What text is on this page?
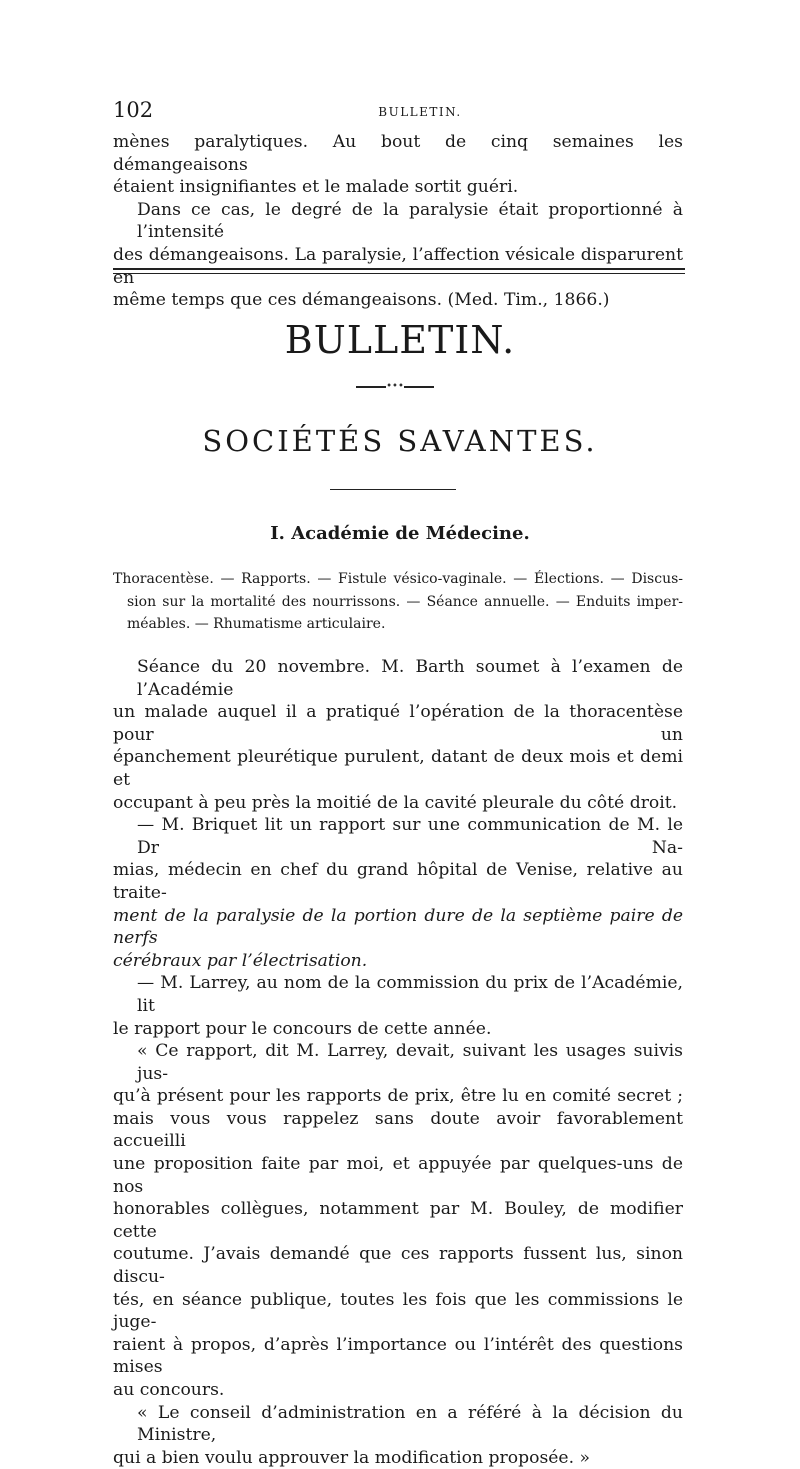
102	BULLETIN.
mènes paralytiques. Au bout de cinq semaines les démangeaisons
étaient insignifiantes et le malade sortit guéri.
Dans ce cas, le degré de la paralysie était proportionné à l’intensité
des démangeaisons. La paralysie, l’affection vésicale disparurent en
même temps que ces démangeaisons. (Med. Tim., 1866.)
BULLETIN.
•••
SOCIÉTÉS SAVANTES.
I. Académie de Médecine.
Thoracentèse. — Rapports. — Fistule vésico-vaginale. — Élections. — Discus-
sion sur la mortalité des nourrissons. — Séance annuelle. — Enduits imper-
méables. — Rhumatisme articulaire.
Séance du 20 novembre. M. Barth soumet à l’examen de l’Académie
un malade auquel il a pratiqué l’opération de la thoracentèse pour un
épanchement pleurétique purulent, datant de deux mois et demi et
occupant à peu près la moitié de la cavité pleurale du côté droit.
— M. Briquet lit un rapport sur une communication de M. le Dr Na-
mias, médecin en chef du grand hôpital de Venise, relative au traite-
ment de la paralysie de la portion dure de la septième paire de nerfs
cérébraux par l’électrisation.
— M. Larrey, au nom de la commission du prix de l’Académie, lit
le rapport pour le concours de cette année.
« Ce rapport, dit M. Larrey, devait, suivant les usages suivis jus-
qu’à présent pour les rapports de prix, être lu en comité secret ;
mais vous vous rappelez sans doute avoir favorablement accueilli
une proposition faite par moi, et appuyée par quelques-uns de nos
honorables collègues, notamment par M. Bouley, de modifier cette
coutume. J’avais demandé que ces rapports fussent lus, sinon discu-
tés, en séance publique, toutes les fois que les commissions le juge-
raient à propos, d’après l’importance ou l’intérêt des questions mises
au concours.
« Le conseil d’administration en a référé à la décision du Ministre,
qui a bien voulu approuver la modification proposée. »
